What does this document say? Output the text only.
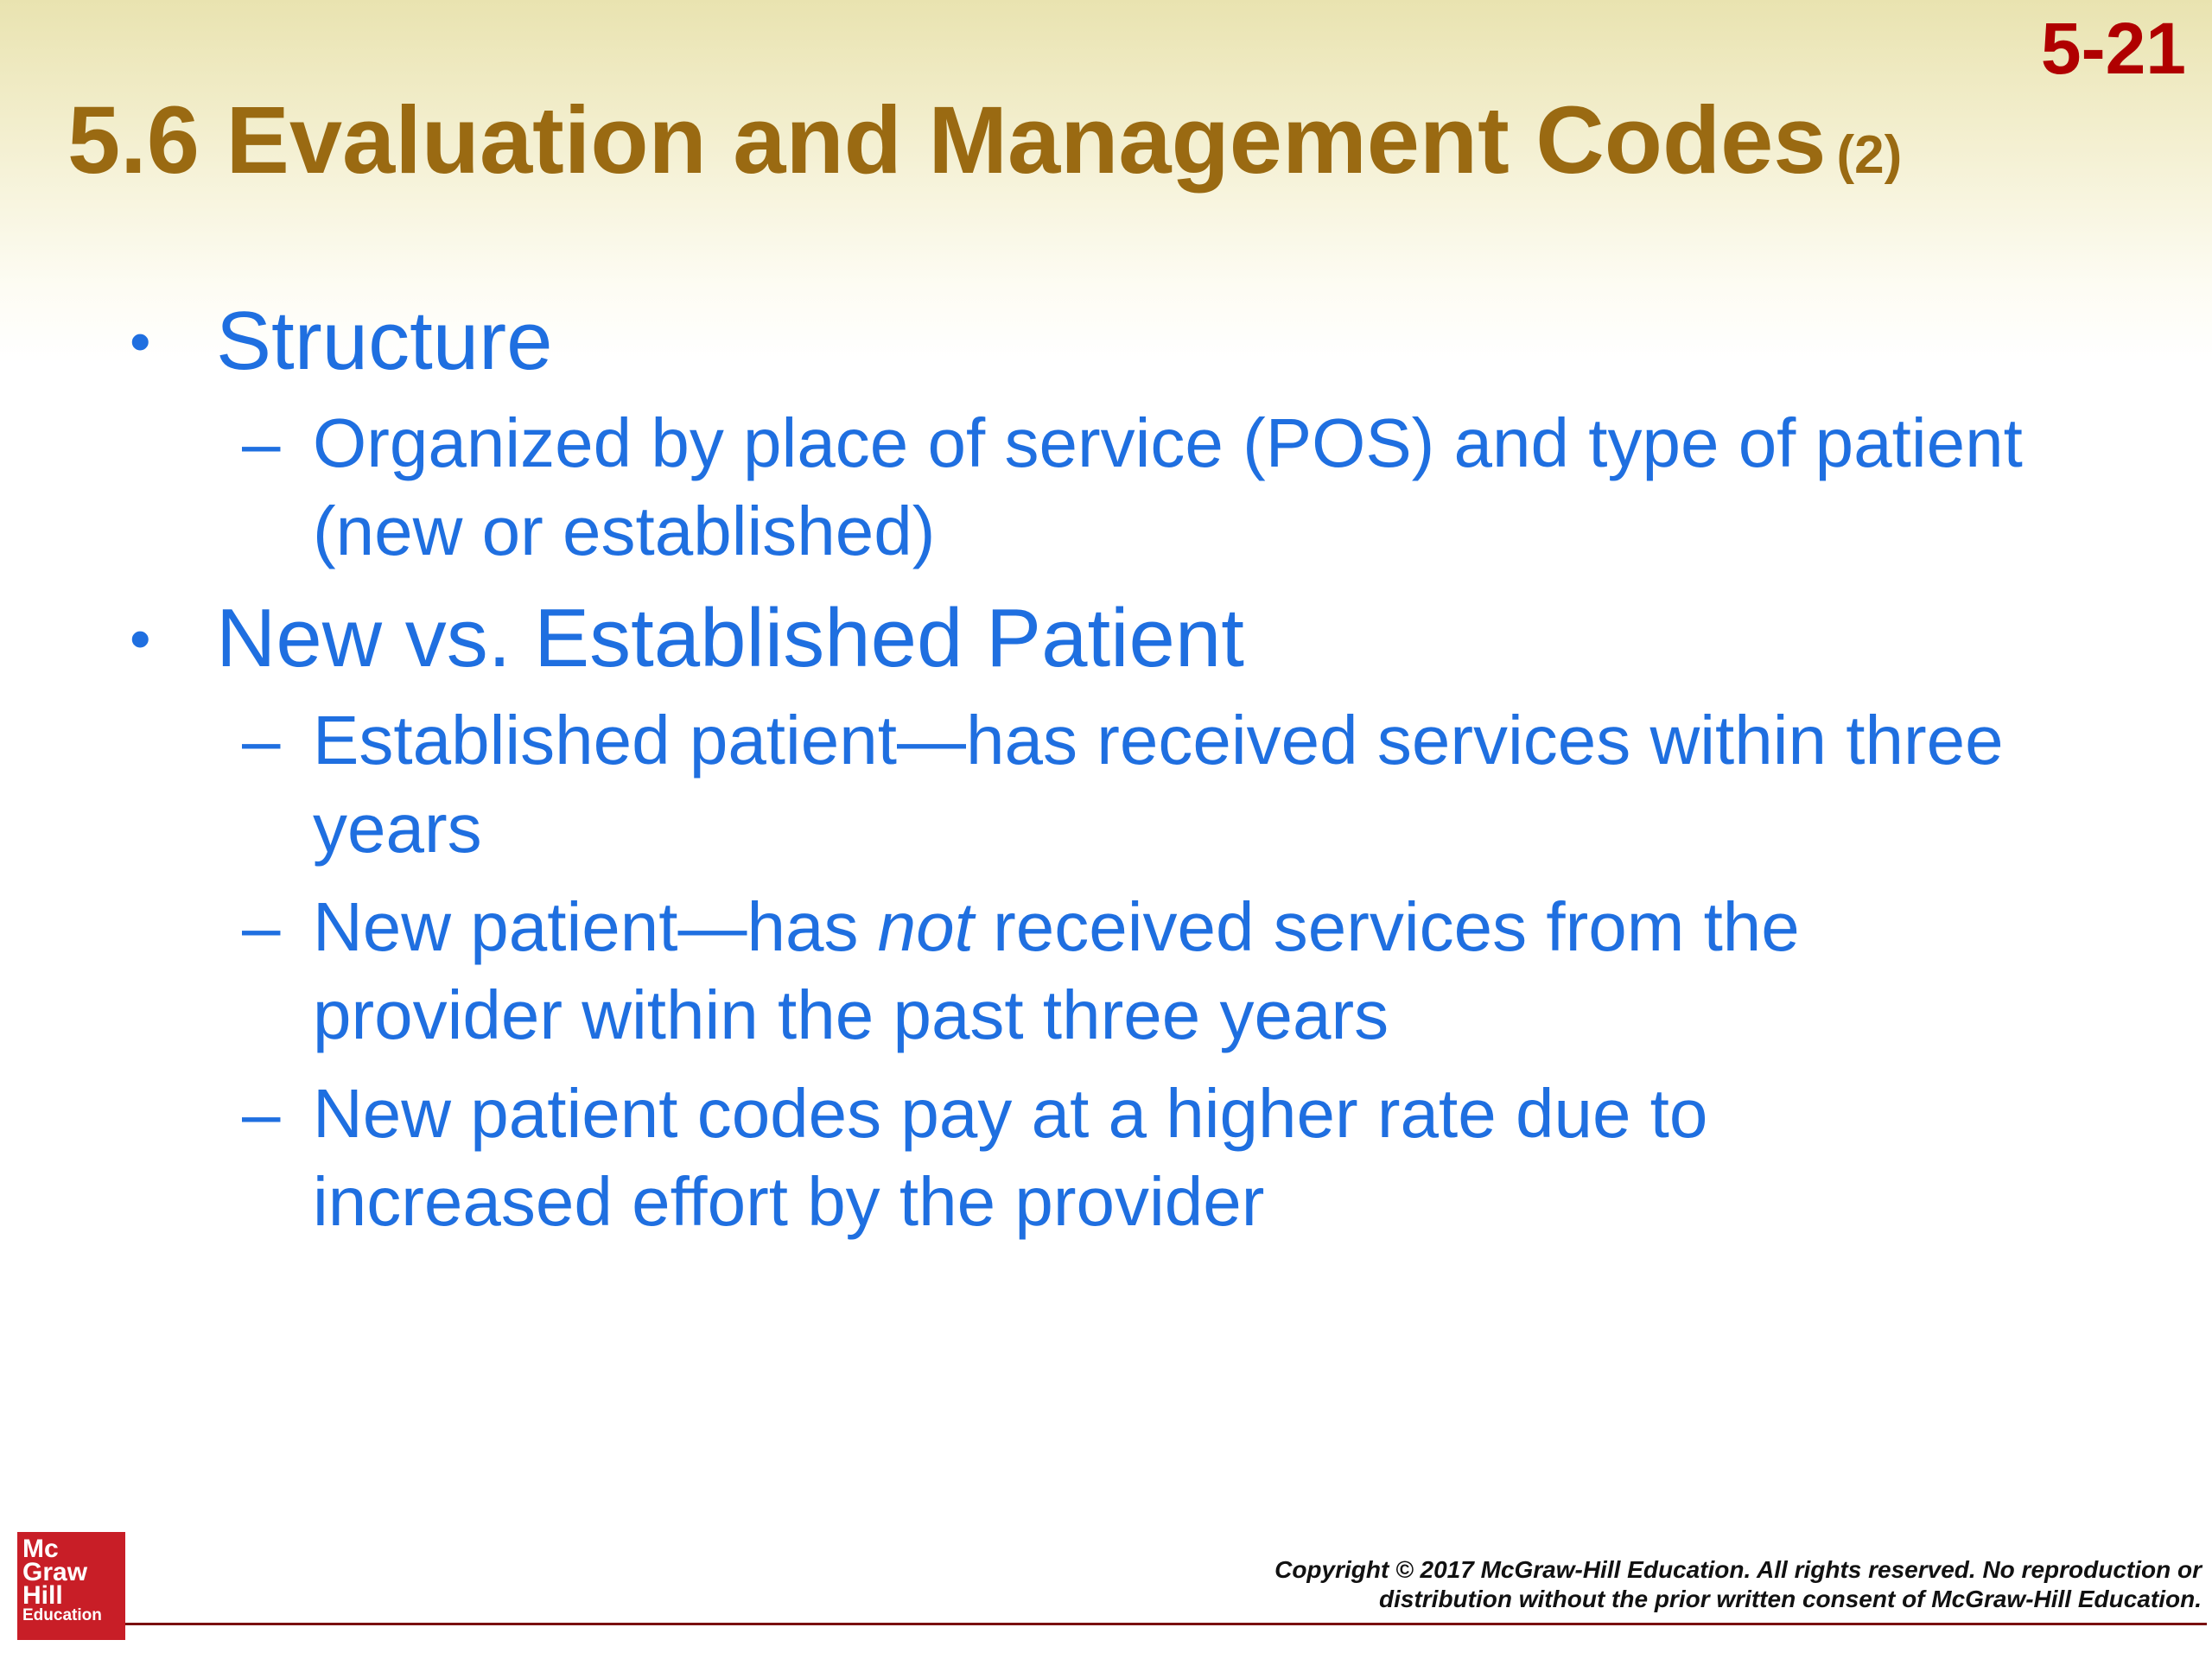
5-21
5.6 Evaluation and Management Codes (2)
• Structure
– Organized by place of service (POS) and type of patient (new or established)
• New vs. Established Patient
– Established patient—has received services within three years
– New patient—has not received services from the provider within the past three years
– New patient codes pay at a higher rate due to increased effort by the provider
Mc
Graw
Hill
Education
Copyright © 2017 McGraw-Hill Education. All rights reserved. No reproduction or
distribution without the prior written consent of McGraw-Hill Education.
